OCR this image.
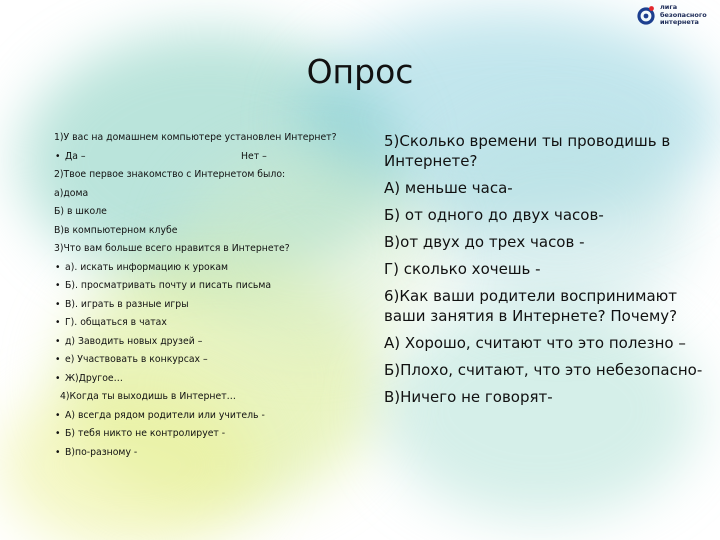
лига
безопасного
интернета
Опрос
1)У вас на домашнем компьютере установлен Интернет?
• Да –	Нет –
2)Твое первое знакомство с Интернетом было:
а)дома
Б) в школе
В)в компьютерном клубе
3)Что вам больше всего нравится в Интернете?
• а). искать информацию к урокам
• Б). просматривать почту и писать письма
• В). играть в разные игры
• Г). общаться в чатах
• д) Заводить новых друзей –
• е) Участвовать в конкурсах –
• Ж)Другое…
4)Когда ты выходишь в Интернет…
• А) всегда рядом родители или учитель -
• Б) тебя никто не контролирует -
• В)по-разному -
5)Сколько времени ты проводишь в Интернете?
А) меньше часа-
Б) от одного до двух часов-
В)от двух до трех часов -
Г) сколько хочешь -
6)Как ваши родители воспринимают ваши занятия в Интернете? Почему?
А) Хорошо, считают что это полезно –
Б)Плохо, считают, что это небезопасно-
В)Ничего не говорят-
